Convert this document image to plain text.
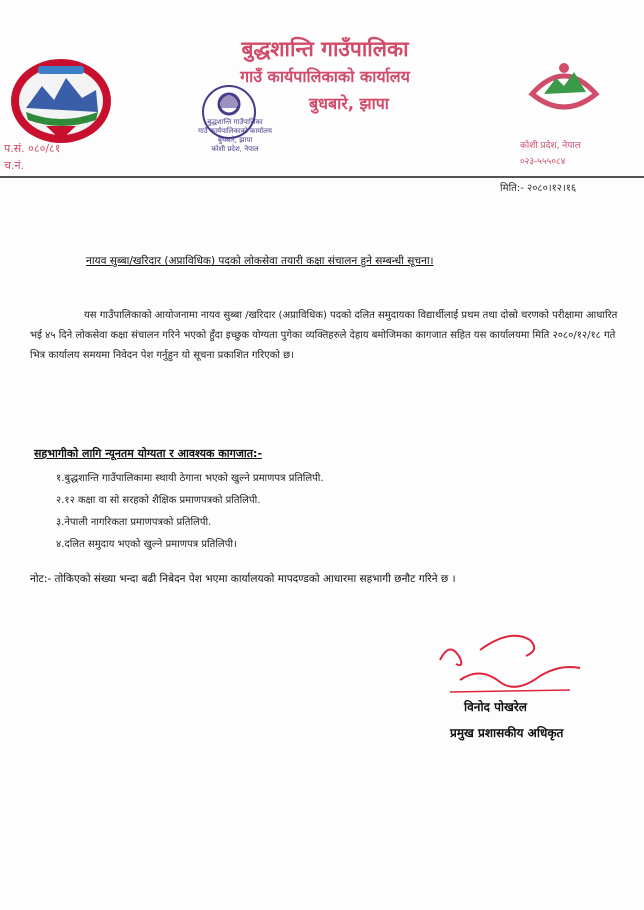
बुद्धशान्ति गाउँपालिका
गाउँ कार्यपालिकाको कार्यालय
बुधबारे, झापा
बुद्धशान्ति गाउँपालिका
गाउँ कार्यपालिकाको कार्यालय
बुधबारे, झापा
कोशी प्रदेश, नेपाल
प.सं. ०८०/८१
च.नं.
कोशी प्रदेश, नेपाल
०२३-५५५०८४
मिति:- २०८०।१२।१६
नायव सुब्बा/खरिदार (अप्राविधिक) पदको लोकसेवा तयारी कक्षा संचालन हुने सम्बन्धी सूचना।

यस गाउँपालिकाको आयोजनामा नायव सुब्बा /खरिदार (अप्राविधिक) पदको दलित समुदायका विद्यार्थीलाई प्रथम तथा दोस्रो चरणको परीक्षामा आधारित भई ४५ दिने लोकसेवा कक्षा संचालन गरिने भएको हुँदा इच्छुक योग्यता पुगेका व्यक्तिहरुले देहाय बमोजिमका कागजात सहित यस कार्यालयमा मिति २०८०/१२/१८ गते भित्र कार्यालय समयमा निवेदन पेश गर्नुहुन यो सूचना प्रकाशित गरिएको छ।

सहभागीको लागि न्यूनतम योग्यता र आवश्यक कागजात:-
१.बुद्धशान्ति गाउँपालिकामा स्थायी ठेगाना भएको खुल्ने प्रमाणपत्र प्रतिलिपी.
२.१२ कक्षा वा सो सरहको शैक्षिक प्रमाणपत्रको प्रतिलिपी.
३.नेपाली नागरिकता प्रमाणपत्रको प्रतिलिपी.
४.दलित समुदाय भएको खुल्ने प्रमाणपत्र प्रतिलिपी।
नोट:- तोकिएको संख्या भन्दा बढी निबेदन पेश भएमा कार्यालयको मापदण्डको आधारमा सहभागी छनौट गरिने छ ।
विनोद पोखरेल
प्रमुख प्रशासकीय अधिकृत
